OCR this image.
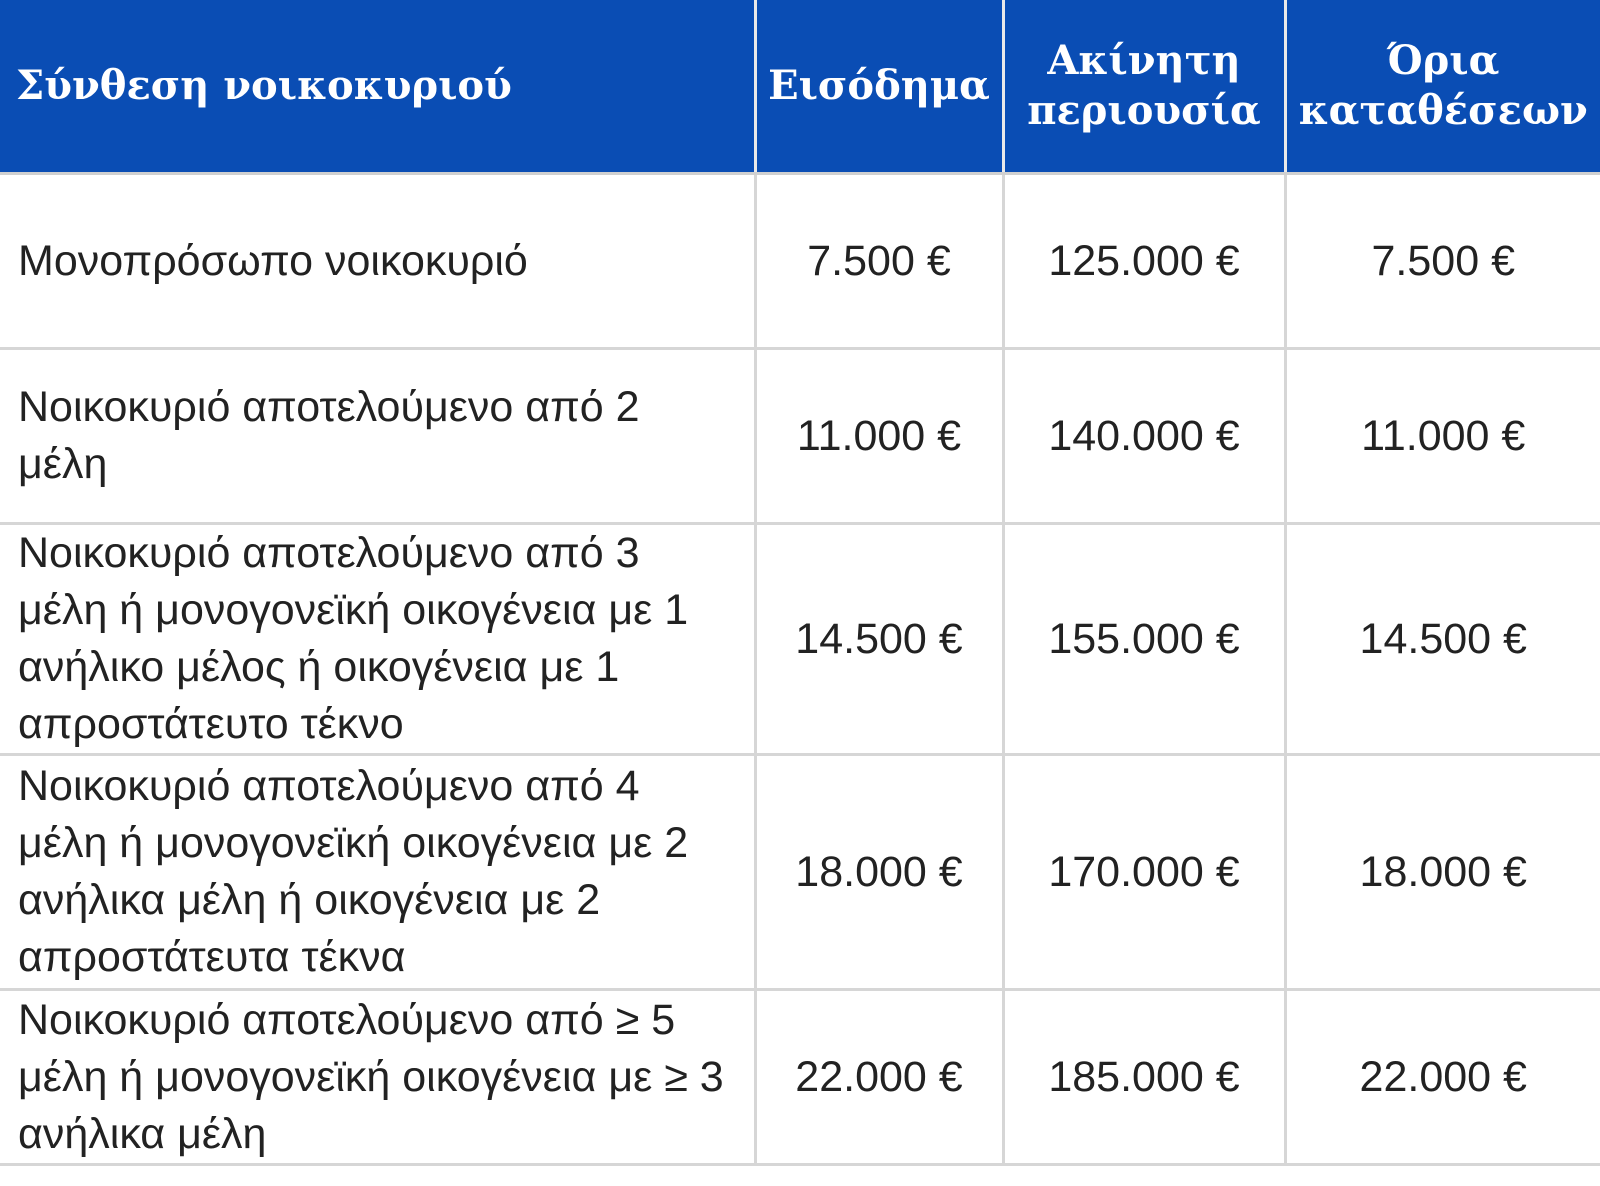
Σύνθεση νοικοκυριού	Εισόδημα	Ακίνητη περιουσία	Όρια καταθέσεων
Μονοπρόσωπο νοικοκυριό	7.500 €	125.000 €	7.500 €
Νοικοκυριό αποτελούμενο από 2 μέλη	11.000 €	140.000 €	11.000 €
Νοικοκυριό αποτελούμενο από 3 μέλη ή μονογονεϊκή οικογένεια με 1 ανήλικο μέλος ή οικογένεια με 1 απροστάτευτο τέκνο	14.500 €	155.000 €	14.500 €
Νοικοκυριό αποτελούμενο από 4 μέλη ή μονογονεϊκή οικογένεια με 2 ανήλικα μέλη ή οικογένεια με 2 απροστάτευτα τέκνα	18.000 €	170.000 €	18.000 €
Νοικοκυριό αποτελούμενο από ≥ 5 μέλη ή μονογονεϊκή οικογένεια με ≥ 3 ανήλικα μέλη	22.000 €	185.000 €	22.000 €
